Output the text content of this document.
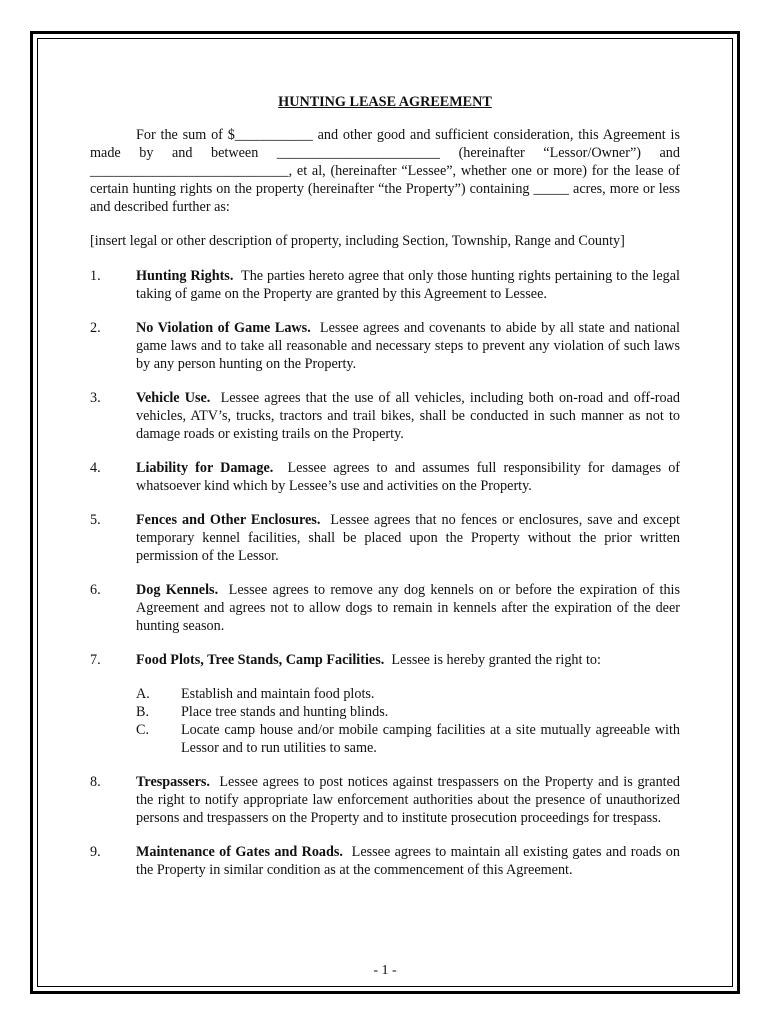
HUNTING LEASE AGREEMENT
For the sum of $___________ and other good and sufficient consideration, this Agreement is made by and between _______________________ (hereinafter “Lessor/Owner”) and ____________________________, et al, (hereinafter “Lessee”, whether one or more) for the lease of certain hunting rights on the property (hereinafter “the Property”) containing _____ acres, more or less and described further as:
[insert legal or other description of property, including Section, Township, Range and County]
1.	Hunting Rights. The parties hereto agree that only those hunting rights pertaining to the legal taking of game on the Property are granted by this Agreement to Lessee.
2.	No Violation of Game Laws. Lessee agrees and covenants to abide by all state and national game laws and to take all reasonable and necessary steps to prevent any violation of such laws by any person hunting on the Property.
3.	Vehicle Use. Lessee agrees that the use of all vehicles, including both on-road and off-road vehicles, ATV’s, trucks, tractors and trail bikes, shall be conducted in such manner as not to damage roads or existing trails on the Property.
4.	Liability for Damage. Lessee agrees to and assumes full responsibility for damages of whatsoever kind which by Lessee’s use and activities on the Property.
5.	Fences and Other Enclosures. Lessee agrees that no fences or enclosures, save and except temporary kennel facilities, shall be placed upon the Property without the prior written permission of the Lessor.
6.	Dog Kennels. Lessee agrees to remove any dog kennels on or before the expiration of this Agreement and agrees not to allow dogs to remain in kennels after the expiration of the deer hunting season.
7.	Food Plots, Tree Stands, Camp Facilities. Lessee is hereby granted the right to:
A.	Establish and maintain food plots.
B.	Place tree stands and hunting blinds.
C.	Locate camp house and/or mobile camping facilities at a site mutually agreeable with Lessor and to run utilities to same.
8.	Trespassers. Lessee agrees to post notices against trespassers on the Property and is granted the right to notify appropriate law enforcement authorities about the presence of unauthorized persons and trespassers on the Property and to institute prosecution proceedings for trespass.
9.	Maintenance of Gates and Roads. Lessee agrees to maintain all existing gates and roads on the Property in similar condition as at the commencement of this Agreement.
- 1 -
